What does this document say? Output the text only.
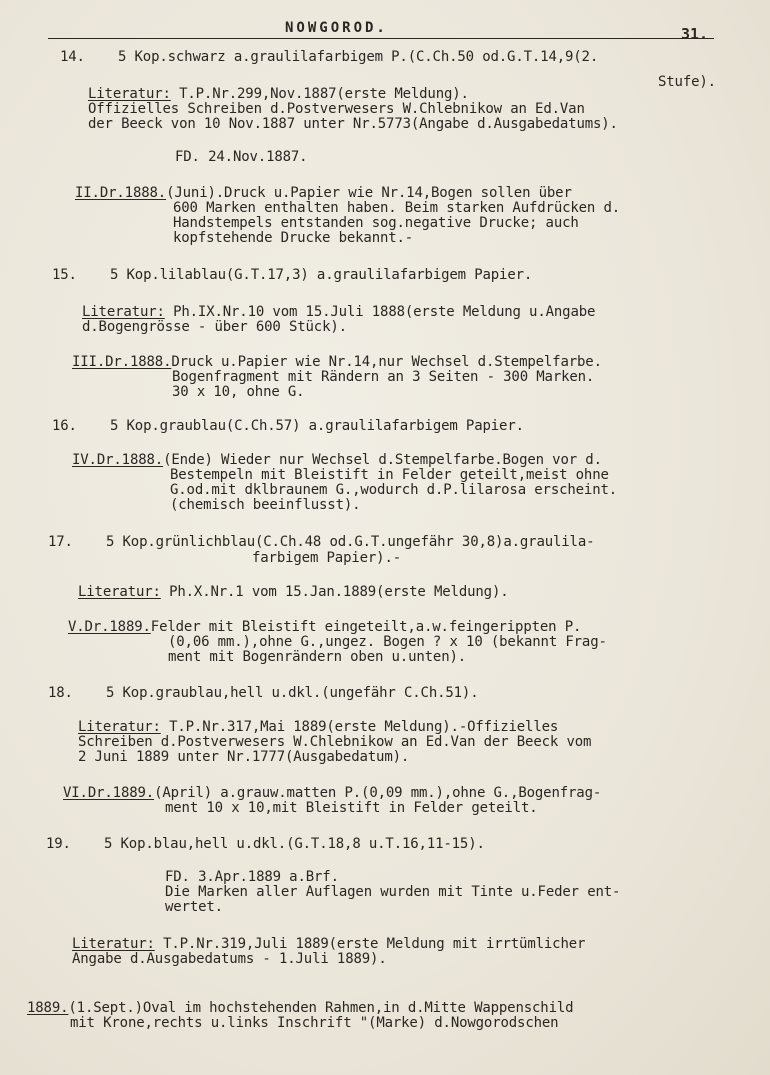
NOWGOROD.	31.
14.    5 Kop.schwarz a.graulilafarbigem P.(C.Ch.50 od.G.T.14,9(2.
Stufe).
Literatur: T.P.Nr.299,Nov.1887(erste Meldung).
Offizielles Schreiben d.Postverwesers W.Chlebnikow an Ed.Van
der Beeck von 10 Nov.1887 unter Nr.5773(Angabe d.Ausgabedatums).
FD. 24.Nov.1887.
II.Dr.1888.(Juni).Druck u.Papier wie Nr.14,Bogen sollen über
600 Marken enthalten haben. Beim starken Aufdrücken d.
Handstempels entstanden sog.negative Drucke; auch
kopfstehende Drucke bekannt.-
15.    5 Kop.lilablau(G.T.17,3) a.graulilafarbigem Papier.
Literatur: Ph.IX.Nr.10 vom 15.Juli 1888(erste Meldung u.Angabe
d.Bogengrösse - über 600 Stück).
III.Dr.1888.Druck u.Papier wie Nr.14,nur Wechsel d.Stempelfarbe.
Bogenfragment mit Rändern an 3 Seiten - 300 Marken.
30 x 10, ohne G.
16.    5 Kop.graublau(C.Ch.57) a.graulilafarbigem Papier.
IV.Dr.1888.(Ende) Wieder nur Wechsel d.Stempelfarbe.Bogen vor d.
Bestempeln mit Bleistift in Felder geteilt,meist ohne
G.od.mit dklbraunem G.,wodurch d.P.lilarosa erscheint.
(chemisch beeinflusst).
17.    5 Kop.grünlichblau(C.Ch.48 od.G.T.ungefähr 30,8)a.graulila-
farbigem Papier).-
Literatur: Ph.X.Nr.1 vom 15.Jan.1889(erste Meldung).
V.Dr.1889.Felder mit Bleistift eingeteilt,a.w.feingerippten P.
(0,06 mm.),ohne G.,ungez. Bogen ? x 10 (bekannt Frag-
ment mit Bogenrändern oben u.unten).
18.    5 Kop.graublau,hell u.dkl.(ungefähr C.Ch.51).
Literatur: T.P.Nr.317,Mai 1889(erste Meldung).-Offizielles
Schreiben d.Postverwesers W.Chlebnikow an Ed.Van der Beeck vom
2 Juni 1889 unter Nr.1777(Ausgabedatum).
VI.Dr.1889.(April) a.grauw.matten P.(0,09 mm.),ohne G.,Bogenfrag-
ment 10 x 10,mit Bleistift in Felder geteilt.
19.    5 Kop.blau,hell u.dkl.(G.T.18,8 u.T.16,11-15).
FD. 3.Apr.1889 a.Brf.
Die Marken aller Auflagen wurden mit Tinte u.Feder ent-
wertet.
Literatur: T.P.Nr.319,Juli 1889(erste Meldung mit irrtümlicher
Angabe d.Ausgabedatums - 1.Juli 1889).
1889.(1.Sept.)Oval im hochstehenden Rahmen,in d.Mitte Wappenschild
mit Krone,rechts u.links Inschrift "(Marke) d.Nowgorodschen
